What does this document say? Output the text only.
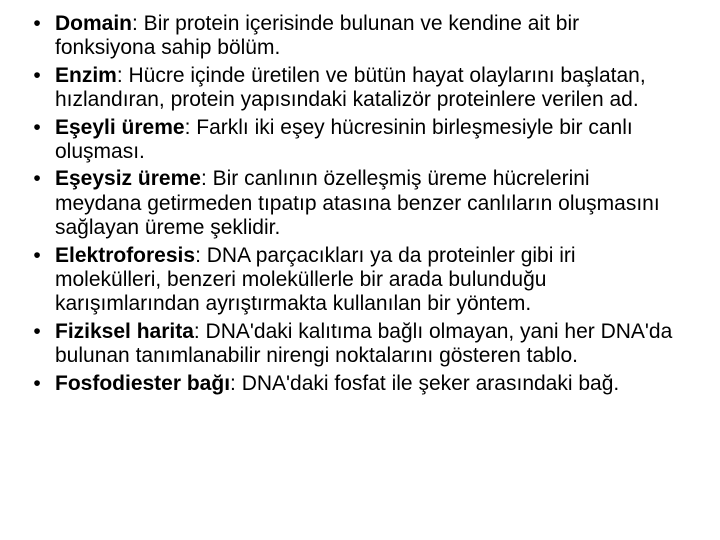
• Domain: Bir protein içerisinde bulunan ve kendine ait bir fonksiyona sahip bölüm.
• Enzim: Hücre içinde üretilen ve bütün hayat olaylarını başlatan, hızlandıran, protein yapısındaki katalizör proteinlere verilen ad.
• Eşeyli üreme: Farklı iki eşey hücresinin birleşmesiyle bir canlı oluşması.
• Eşeysiz üreme: Bir canlının özelleşmiş üreme hücrelerini meydana getirmeden tıpatıp atasına benzer canlıların oluşmasını sağlayan üreme şeklidir.
• Elektroforesis: DNA parçacıkları ya da proteinler gibi iri molekülleri, benzeri moleküllerle bir arada bulunduğu karışımlarından ayrıştırmakta kullanılan bir yöntem.
• Fiziksel harita: DNA'daki kalıtıma bağlı olmayan, yani her DNA'da bulunan tanımlanabilir nirengi noktalarını gösteren tablo.
• Fosfodiester bağı: DNA'daki fosfat ile şeker arasındaki bağ.
